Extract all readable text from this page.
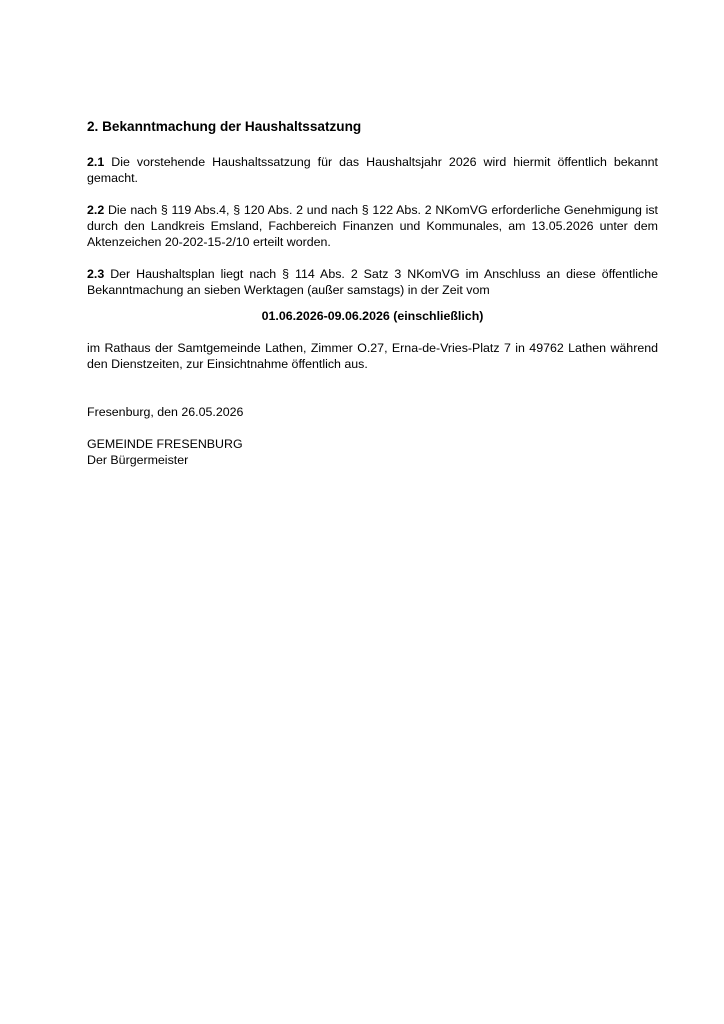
2. Bekanntmachung der Haushaltssatzung

2.1 Die vorstehende Haushaltssatzung für das Haushaltsjahr 2026 wird hiermit öffentlich bekannt gemacht.

2.2 Die nach § 119 Abs.4, § 120 Abs. 2 und nach § 122 Abs. 2 NKomVG erforderliche Genehmigung ist durch den Landkreis Emsland, Fachbereich Finanzen und Kommunales, am 13.05.2026 unter dem Aktenzeichen 20-202-15-2/10 erteilt worden.

2.3 Der Haushaltsplan liegt nach § 114 Abs. 2 Satz 3 NKomVG im Anschluss an diese öffentliche Bekanntmachung an sieben Werktagen (außer samstags) in der Zeit vom

01.06.2026-09.06.2026 (einschließlich)

im Rathaus der Samtgemeinde Lathen, Zimmer O.27, Erna-de-Vries-Platz 7 in 49762 Lathen während den Dienstzeiten, zur Einsichtnahme öffentlich aus.

Fresenburg, den 26.05.2026

GEMEINDE FRESENBURG
Der Bürgermeister
